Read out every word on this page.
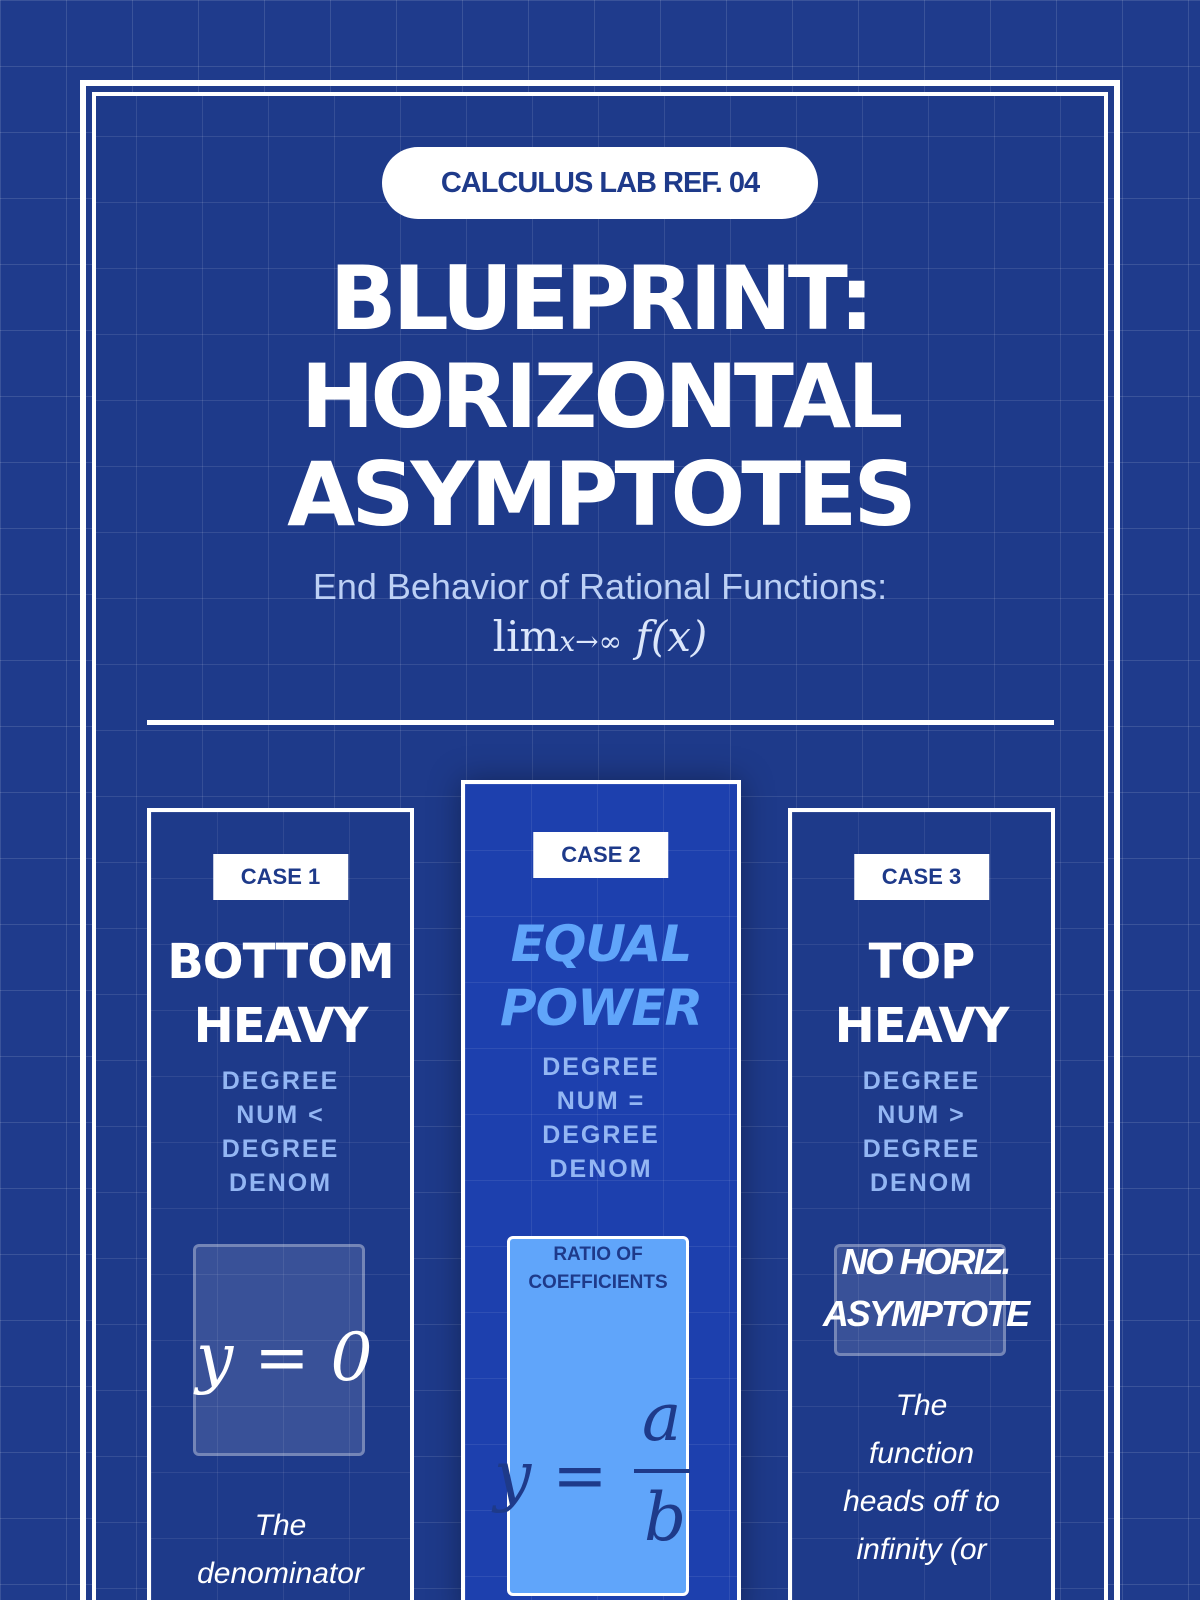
CALCULUS LAB REF. 04
BLUEPRINT:
HORIZONTAL
ASYMPTOTES
End Behavior of Rational Functions:
limx→∞ f(x)
CASE 1
BOTTOM
HEAVY
DEGREE
NUM <
DEGREE
DENOM
y = 0
The
denominator
CASE 2
EQUAL
POWER
DEGREE
NUM =
DEGREE
DENOM
RATIO OF
COEFFICIENTS
y =
a
b
CASE 3
TOP
HEAVY
DEGREE
NUM >
DEGREE
DENOM
NO HORIZ.
ASYMPTOTE
The
function
heads off to
infinity (or
